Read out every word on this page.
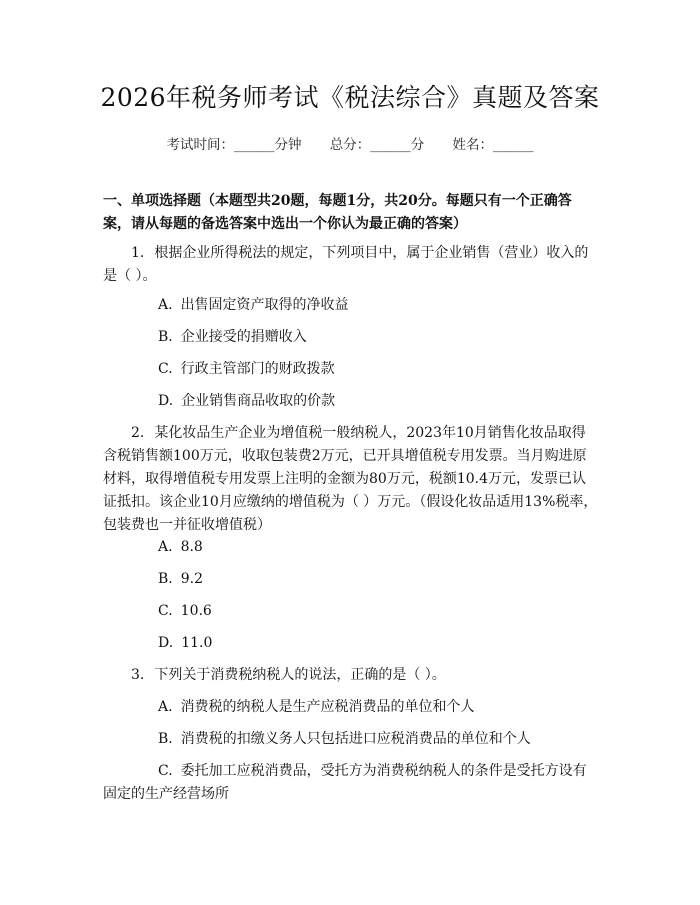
2026年税务师考试《税法综合》真题及答案
考试时间：______分钟 总分：______分 姓名：______
一、单项选择题（本题型共20题，每题1分，共20分。每题只有一个正确答案，请从每题的备选答案中选出一个你认为最正确的答案）
1. 根据企业所得税法的规定，下列项目中，属于企业销售（营业）收入的是（ ）。
A. 出售固定资产取得的净收益
B. 企业接受的捐赠收入
C. 行政主管部门的财政拨款
D. 企业销售商品收取的价款
2. 某化妆品生产企业为增值税一般纳税人，2023年10月销售化妆品取得含税销售额100万元，收取包装费2万元，已开具增值税专用发票。当月购进原材料，取得增值税专用发票上注明的金额为80万元，税额10.4万元，发票已认证抵扣。该企业10月应缴纳的增值税为（ ）万元。（假设化妆品适用13%税率，包装费也一并征收增值税）
A. 8.8
B. 9.2
C. 10.6
D. 11.0
3. 下列关于消费税纳税人的说法，正确的是（ ）。
A. 消费税的纳税人是生产应税消费品的单位和个人
B. 消费税的扣缴义务人只包括进口应税消费品的单位和个人
C. 委托加工应税消费品，受托方为消费税纳税人的条件是受托方设有固定的生产经营场所
